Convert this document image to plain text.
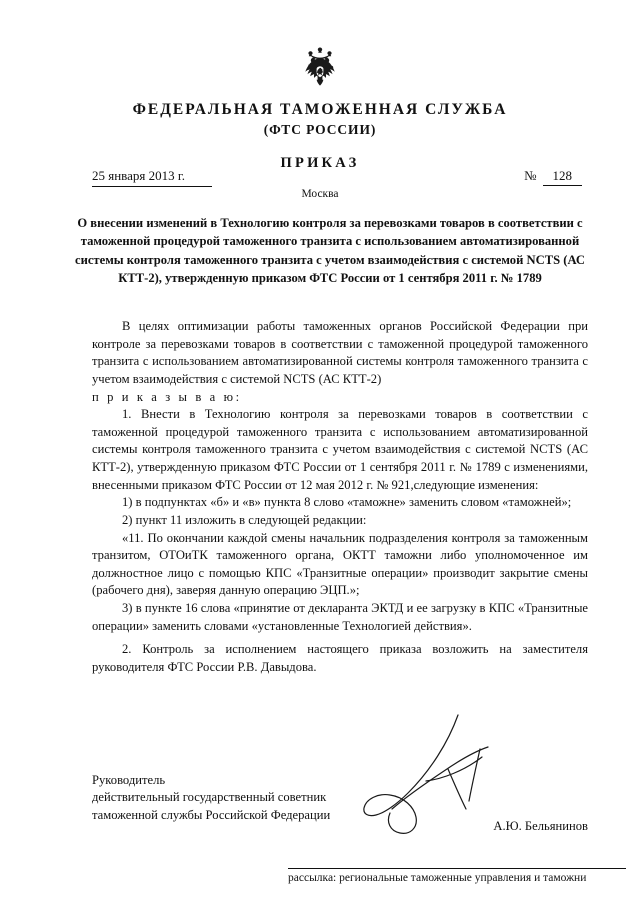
ФЕДЕРАЛЬНАЯ ТАМОЖЕННАЯ СЛУЖБА
(ФТС РОССИИ)
ПРИКАЗ
25 января 2013 г.	№ 128
Москва
О внесении изменений в Технологию контроля за перевозками товаров в соответствии с таможенной процедурой таможенного транзита с использованием автоматизированной системы контроля таможенного транзита с учетом взаимодействия с системой NCTS (АС КТТ-2), утвержденную приказом ФТС России от 1 сентября 2011 г. № 1789

В целях оптимизации работы таможенных органов Российской Федерации при контроле за перевозками товаров в соответствии с таможенной процедурой таможенного транзита с использованием автоматизированной системы контроля таможенного транзита с учетом взаимодействия с системой NCTS (АС КТТ-2)

п р и к а з ы в а ю:

1. Внести в Технологию контроля за перевозками товаров в соответствии с таможенной процедурой таможенного транзита с использованием автоматизированной системы контроля таможенного транзита с учетом взаимодействия с системой NCTS (АС КТТ-2), утвержденную приказом ФТС России от 1 сентября 2011 г. № 1789 с изменениями, внесенными приказом ФТС России от 12 мая 2012 г. № 921,следующие изменения:

1) в подпунктах «б» и «в» пункта 8 слово «таможне» заменить словом «таможней»;

2) пункт 11 изложить в следующей редакции:

«11. По окончании каждой смены начальник подразделения контроля за таможенным транзитом, ОТОиТК таможенного органа, ОКТТ таможни либо уполномоченное им должностное лицо с помощью КПС «Транзитные операции» производит закрытие смены (рабочего дня), заверяя данную операцию ЭЦП.»;

3) в пункте 16 слова «принятие от декларанта ЭКТД и ее загрузку в КПС «Транзитные операции» заменить словами «установленные Технологией действия».

2. Контроль за исполнением настоящего приказа возложить на заместителя руководителя ФТС России Р.В. Давыдова.

Руководитель
действительный государственный советник
таможенной службы Российской Федерации
А.Ю. Бельянинов
рассылка: региональные таможенные управления и таможни
